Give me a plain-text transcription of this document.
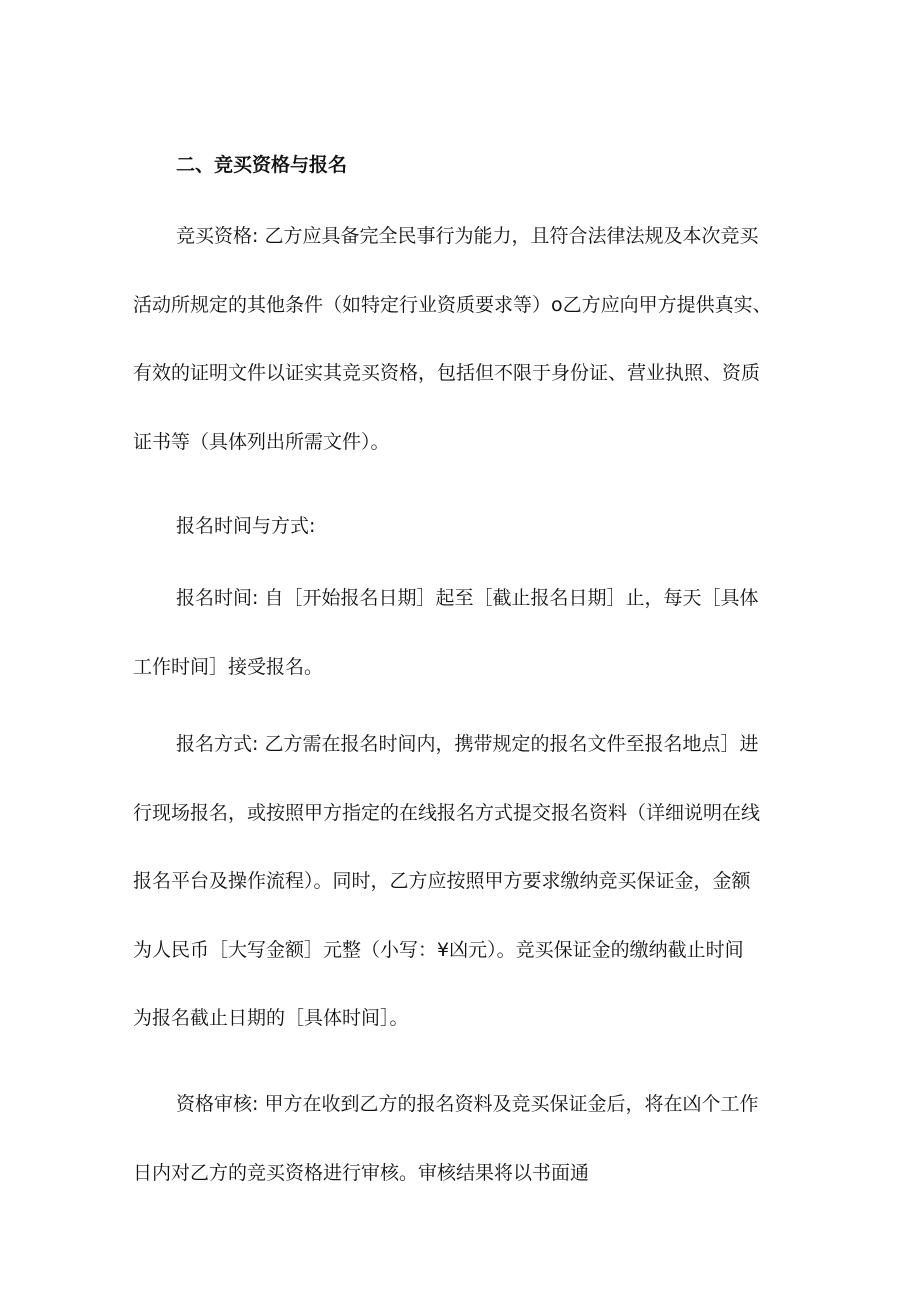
二、竞买资格与报名
竞买资格: 乙方应具备完全民事行为能力，且符合法律法规及本次竞买
活动所规定的其他条件（如特定行业资质要求等）o乙方应向甲方提供真实、
有效的证明文件以证实其竞买资格，包括但不限于身份证、营业执照、资质
证书等（具体列出所需文件）。
报名时间与方式:
报名时间: 自［开始报名日期］起至［截止报名日期］止，每天［具体
工作时间］接受报名。
报名方式: 乙方需在报名时间内，携带规定的报名文件至报名地点］进
行现场报名，或按照甲方指定的在线报名方式提交报名资料（详细说明在线
报名平台及操作流程）。同时，乙方应按照甲方要求缴纳竞买保证金，金额
为人民币［大写金额］元整（小写：¥凶元）。竞买保证金的缴纳截止时间
为报名截止日期的［具体时间］。
资格审核: 甲方在收到乙方的报名资料及竞买保证金后，将在凶个工作
日内对乙方的竞买资格进行审核。审核结果将以书面通
